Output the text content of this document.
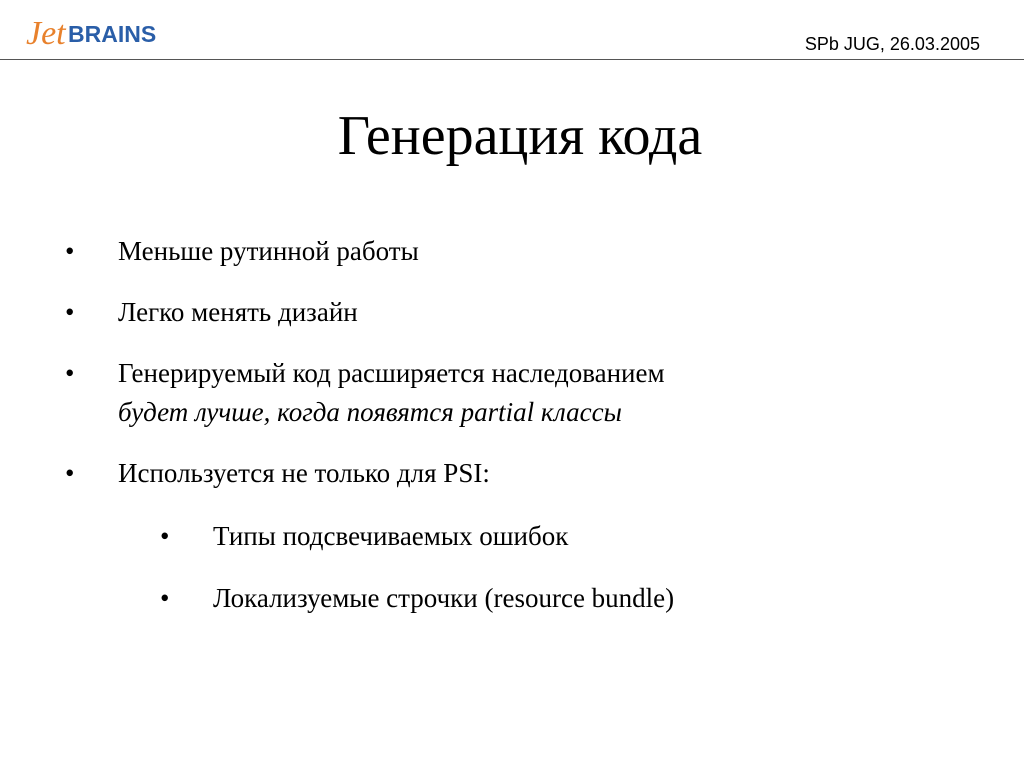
Jet BRAINS	SPb JUG, 26.03.2005
Генерация кода
• Меньше рутинной работы
• Легко менять дизайн
• Генерируемый код расширяется наследованием
будет лучше, когда появятся partial классы
• Используется не только для PSI:
• Типы подсвечиваемых ошибок
• Локализуемые строчки (resource bundle)
